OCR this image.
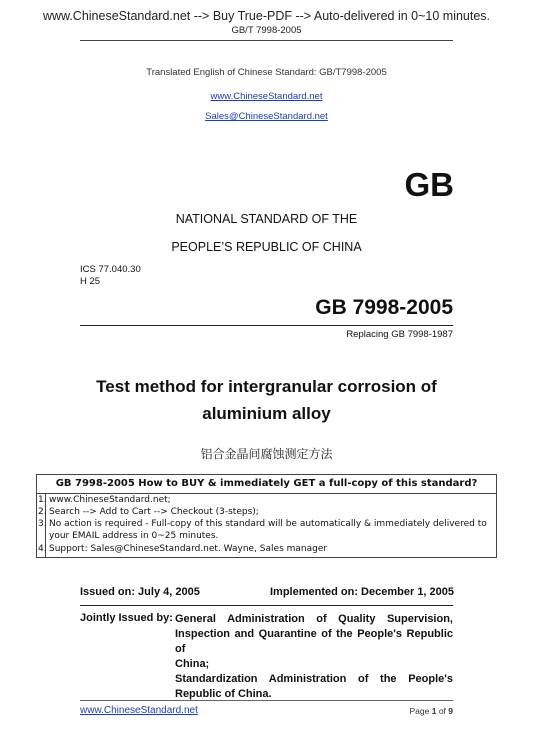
www.ChineseStandard.net --> Buy True-PDF --> Auto-delivered in 0~10 minutes.
GB/T 7998-2005
Translated English of Chinese Standard: GB/T7998-2005
www.ChineseStandard.net
Sales@ChineseStandard.net
GB
NATIONAL STANDARD OF THE
PEOPLE’S REPUBLIC OF CHINA
ICS 77.040.30
H 25
GB 7998-2005
Replacing GB 7998-1987
Test method for intergranular corrosion of
aluminium alloy
铝合金晶间腐蚀测定方法
GB 7998-2005 How to BUY & immediately GET a full-copy of this standard?
1. www.ChineseStandard.net;
2. Search --> Add to Cart --> Checkout (3-steps);
3. No action is required - Full-copy of this standard will be automatically & immediately delivered to
your EMAIL address in 0~25 minutes.
4. Support: Sales@ChineseStandard.net. Wayne, Sales manager
Issued on: July 4, 2005	Implemented on: December 1, 2005
Jointly Issued by: General Administration of Quality Supervision,
Inspection and Quarantine of the People's Republic of
China;
Standardization Administration of the People's
Republic of China.
www.ChineseStandard.net	Page 1 of 9
